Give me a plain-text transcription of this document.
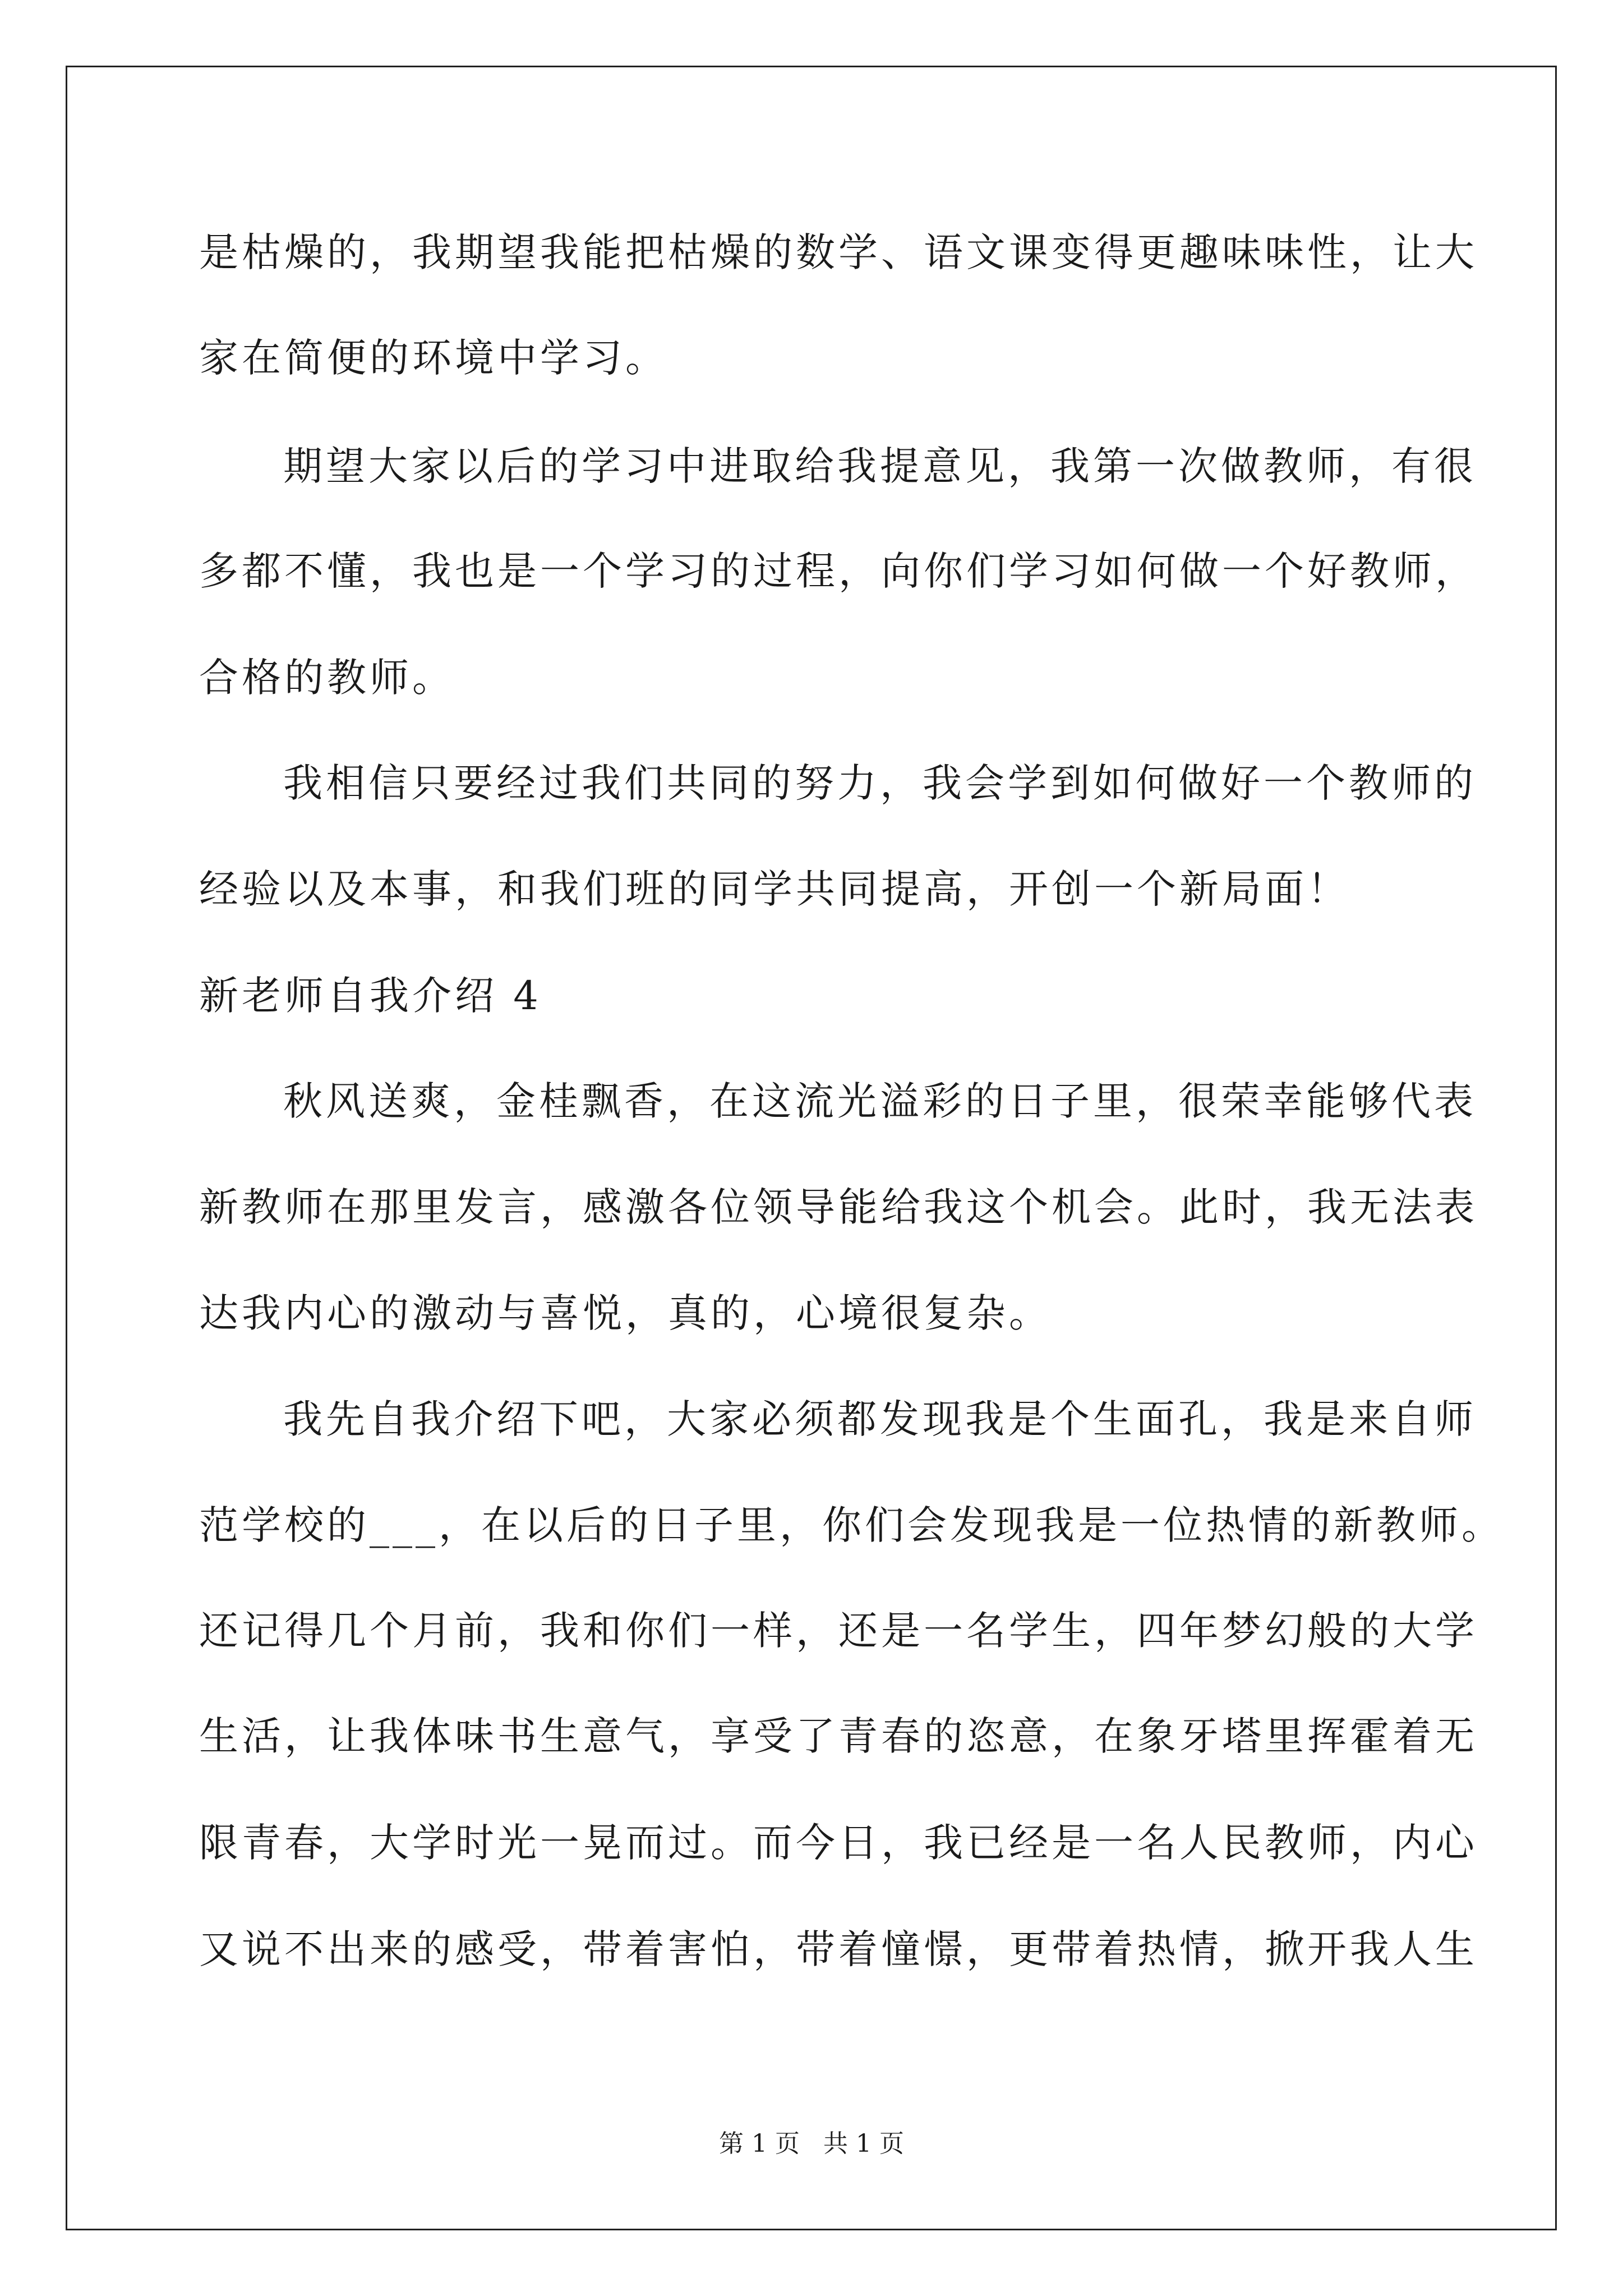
是枯燥的，我期望我能把枯燥的数学、语文课变得更趣味味性，让大
家在简便的环境中学习。
期望大家以后的学习中进取给我提意见，我第一次做教师，有很
多都不懂，我也是一个学习的过程，向你们学习如何做一个好教师，
合格的教师。
我相信只要经过我们共同的努力，我会学到如何做好一个教师的
经验以及本事，和我们班的同学共同提高，开创一个新局面！
新老师自我介绍 4
秋风送爽，金桂飘香，在这流光溢彩的日子里，很荣幸能够代表
新教师在那里发言，感激各位领导能给我这个机会。此时，我无法表
达我内心的激动与喜悦，真的，心境很复杂。
我先自我介绍下吧，大家必须都发现我是个生面孔，我是来自师
范学校的___，在以后的日子里，你们会发现我是一位热情的新教师。
还记得几个月前，我和你们一样，还是一名学生，四年梦幻般的大学
生活，让我体味书生意气，享受了青春的恣意，在象牙塔里挥霍着无
限青春，大学时光一晃而过。而今日，我已经是一名人民教师，内心
又说不出来的感受，带着害怕，带着憧憬，更带着热情，掀开我人生
第 1 页   共 1 页
